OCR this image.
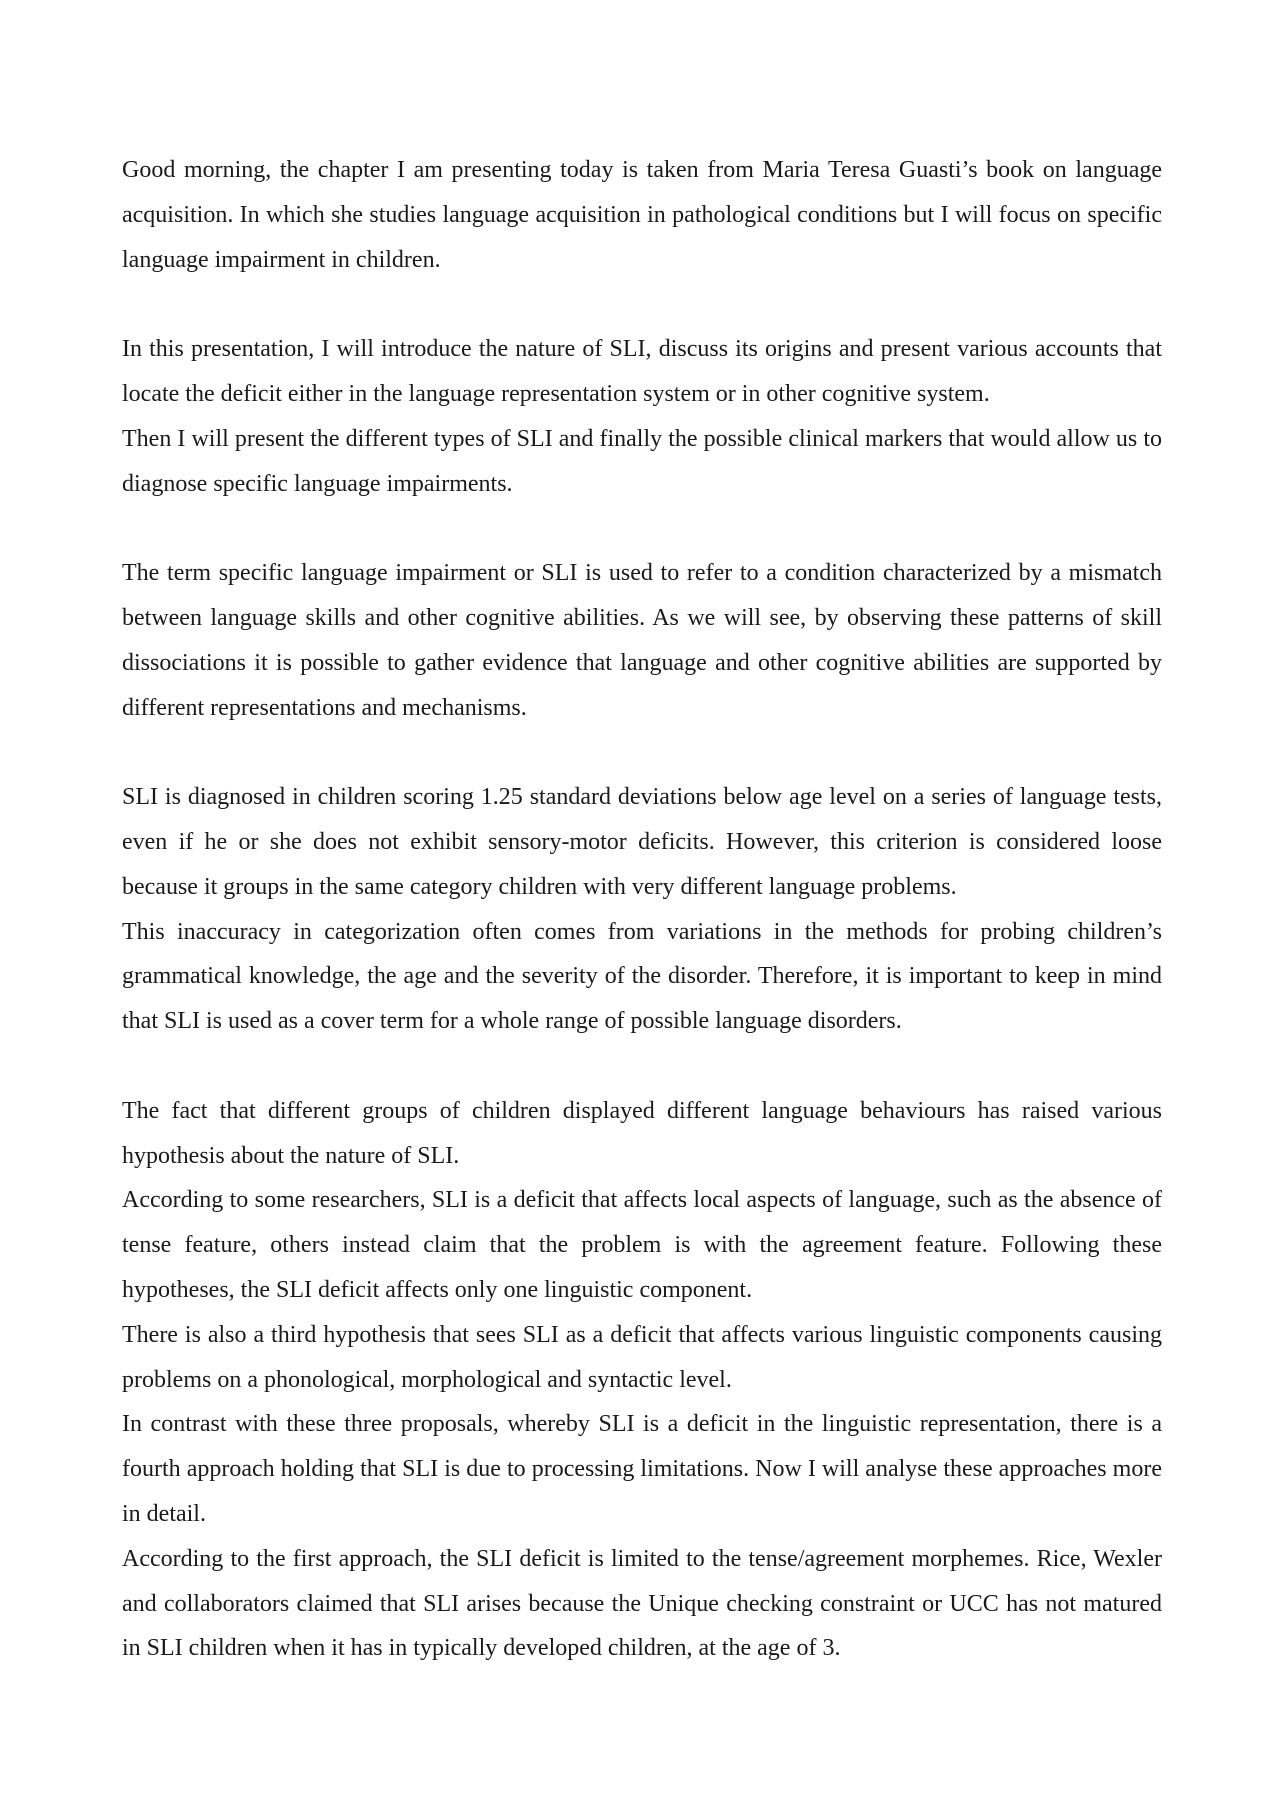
Good morning, the chapter I am presenting today is taken from Maria Teresa Guasti’s book on language acquisition. In which she studies language acquisition in pathological conditions but I will focus on specific language impairment in children.

In this presentation, I will introduce the nature of SLI, discuss its origins and present various accounts that locate the deficit either in the language representation system or in other cognitive system.

Then I will present the different types of SLI and finally the possible clinical markers that would allow us to diagnose specific language impairments.

The term specific language impairment or SLI is used to refer to a condition characterized by a mismatch between language skills and other cognitive abilities. As we will see, by observing these patterns of skill dissociations it is possible to gather evidence that language and other cognitive abilities are supported by different representations and mechanisms.

SLI is diagnosed in children scoring 1.25 standard deviations below age level on a series of language tests, even if he or she does not exhibit sensory-motor deficits. However, this criterion is considered loose because it groups in the same category children with very different language problems.

This inaccuracy in categorization often comes from variations in the methods for probing children’s grammatical knowledge, the age and the severity of the disorder. Therefore, it is important to keep in mind that SLI is used as a cover term for a whole range of possible language disorders.

The fact that different groups of children displayed different language behaviours has raised various hypothesis about the nature of SLI.

According to some researchers, SLI is a deficit that affects local aspects of language, such as the absence of tense feature, others instead claim that the problem is with the agreement feature. Following these hypotheses, the SLI deficit affects only one linguistic component.

There is also a third hypothesis that sees SLI as a deficit that affects various linguistic components causing problems on a phonological, morphological and syntactic level.

In contrast with these three proposals, whereby SLI is a deficit in the linguistic representation, there is a fourth approach holding that SLI is due to processing limitations. Now I will analyse these approaches more in detail.

According to the first approach, the SLI deficit is limited to the tense/agreement morphemes. Rice, Wexler and collaborators claimed that SLI arises because the Unique checking constraint or UCC has not matured in SLI children when it has in typically developed children, at the age of 3.
